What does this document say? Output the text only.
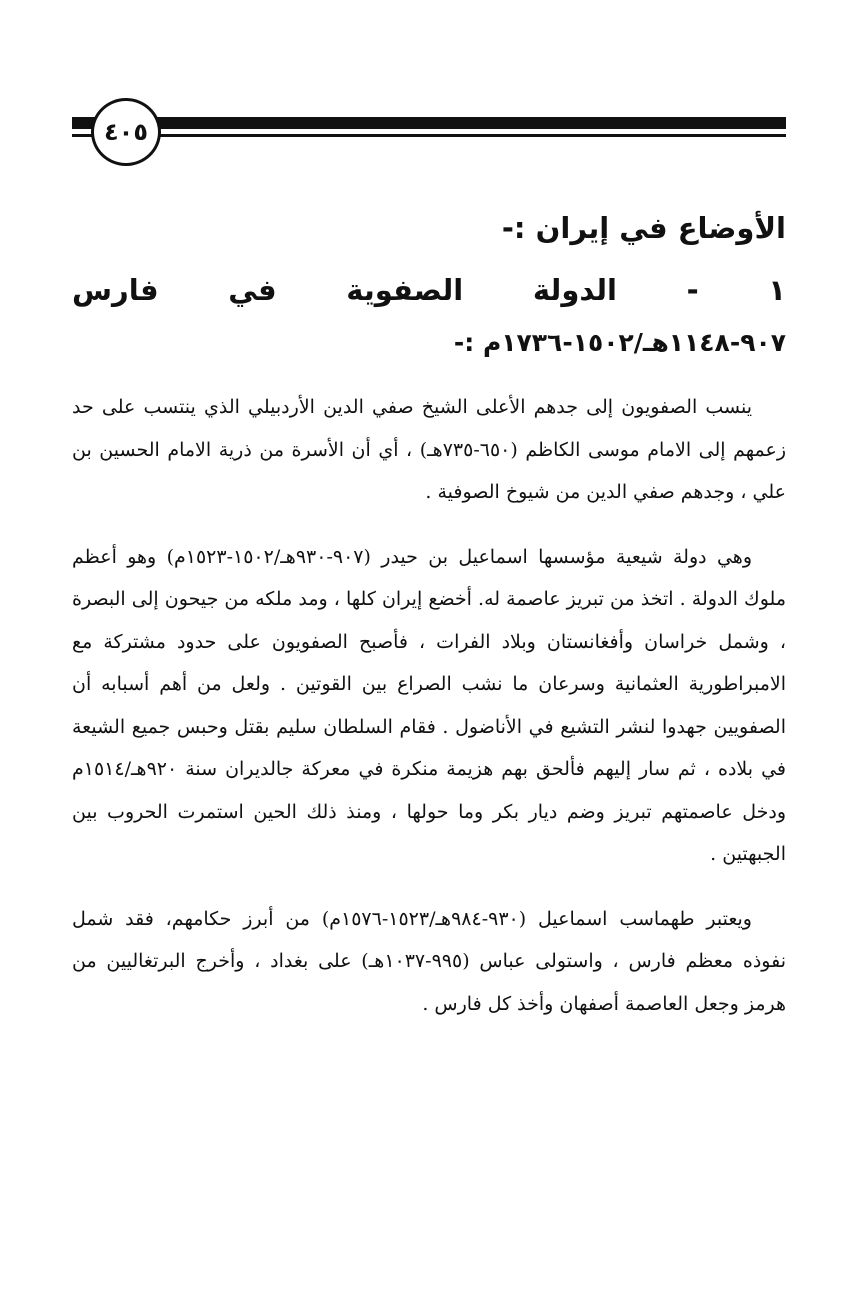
٤٠٥
الأوضاع في إيران :-
١ - الدولة الصفوية في فارس
٩٠٧-١١٤٨هـ/١٥٠٢-١٧٣٦م :-

ينسب الصفويون إلى جدهم الأعلى الشيخ صفي الدين الأردبيلي الذي ينتسب على حد زعمهم إلى الامام موسى الكاظم (٦٥٠-٧٣٥هـ) ، أي أن الأسرة من ذرية الامام الحسين بن علي ، وجدهم صفي الدين من شيوخ الصوفية .

وهي دولة شيعية مؤسسها اسماعيل بن حيدر (٩٠٧-٩٣٠هـ/١٥٠٢-١٥٢٣م) وهو أعظم ملوك الدولة . اتخذ من تبريز عاصمة له. أخضع إيران كلها ، ومد ملكه من جيحون إلى البصرة ، وشمل خراسان وأفغانستان وبلاد الفرات ، فأصبح الصفويون على حدود مشتركة مع الامبراطورية العثمانية وسرعان ما نشب الصراع بين القوتين . ولعل من أهم أسبابه أن الصفويين جهدوا لنشر التشيع في الأناضول . فقام السلطان سليم بقتل وحبس جميع الشيعة في بلاده ، ثم سار إليهم فألحق بهم هزيمة منكرة في معركة جالديران سنة ٩٢٠هـ/١٥١٤م ودخل عاصمتهم تبريز وضم ديار بكر وما حولها ، ومنذ ذلك الحين استمرت الحروب بين الجبهتين .

ويعتبر طهماسب اسماعيل (٩٣٠-٩٨٤هـ/١٥٢٣-١٥٧٦م) من أبرز حكامهم، فقد شمل نفوذه معظم فارس ، واستولى عباس (٩٩٥-١٠٣٧هـ) على بغداد ، وأخرج البرتغاليين من هرمز وجعل العاصمة أصفهان وأخذ كل فارس .
